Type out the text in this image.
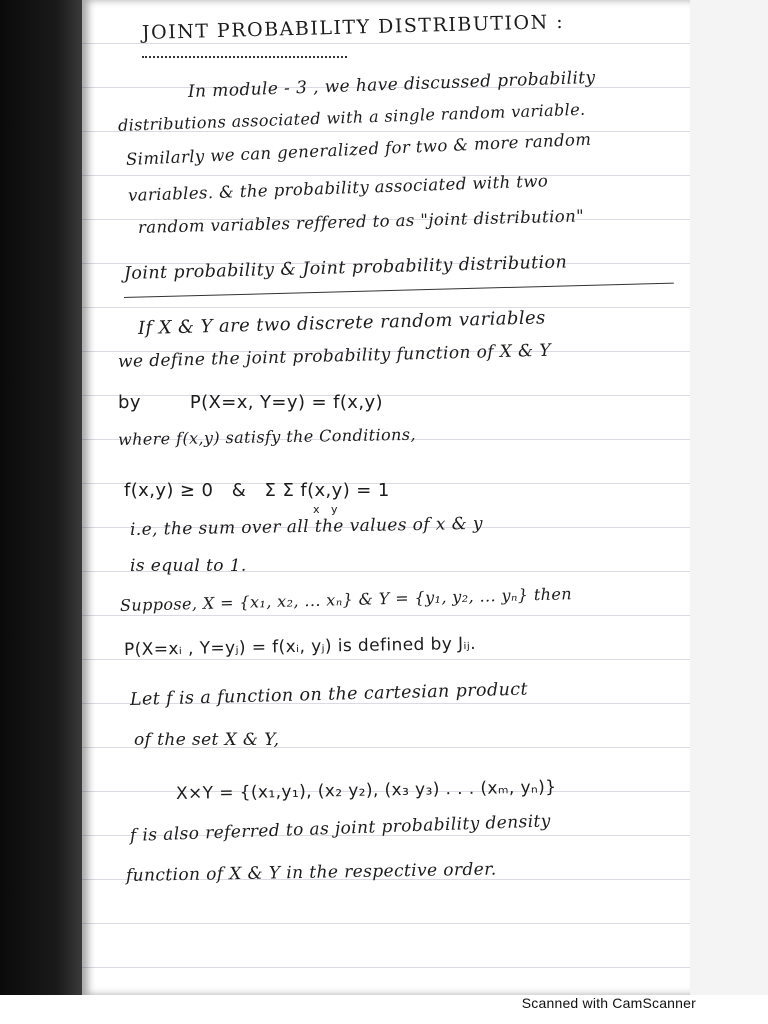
JOINT PROBABILITY DISTRIBUTION :
In module - 3 , we have discussed probability
distributions associated with a single random variable.
Similarly we can generalized for two & more random
variables. & the probability associated with two
random variables reffered to as "joint distribution"
Joint probability & Joint probability distribution
If X & Y are two discrete random variables
we define the joint probability function of X & Y
by        P(X=x, Y=y) = f(x,y)
where f(x,y) satisfy the Conditions,
f(x,y) ≥ 0   &   Σ Σ f(x,y) = 1
x y
i.e, the sum over all the values of x & y
is equal to 1.
Suppose, X = {x₁, x₂, ... xₙ} & Y = {y₁, y₂, ... yₙ} then
P(X=xᵢ , Y=yⱼ) = f(xᵢ, yⱼ) is defined by Jᵢⱼ.
Let f is a function on the cartesian product
of the set X & Y,
X×Y = {(x₁,y₁), (x₂ y₂), (x₃ y₃) . . . (xₘ, yₙ)}
f is also referred to as joint probability density
function of X & Y in the respective order.
Scanned with CamScanner
